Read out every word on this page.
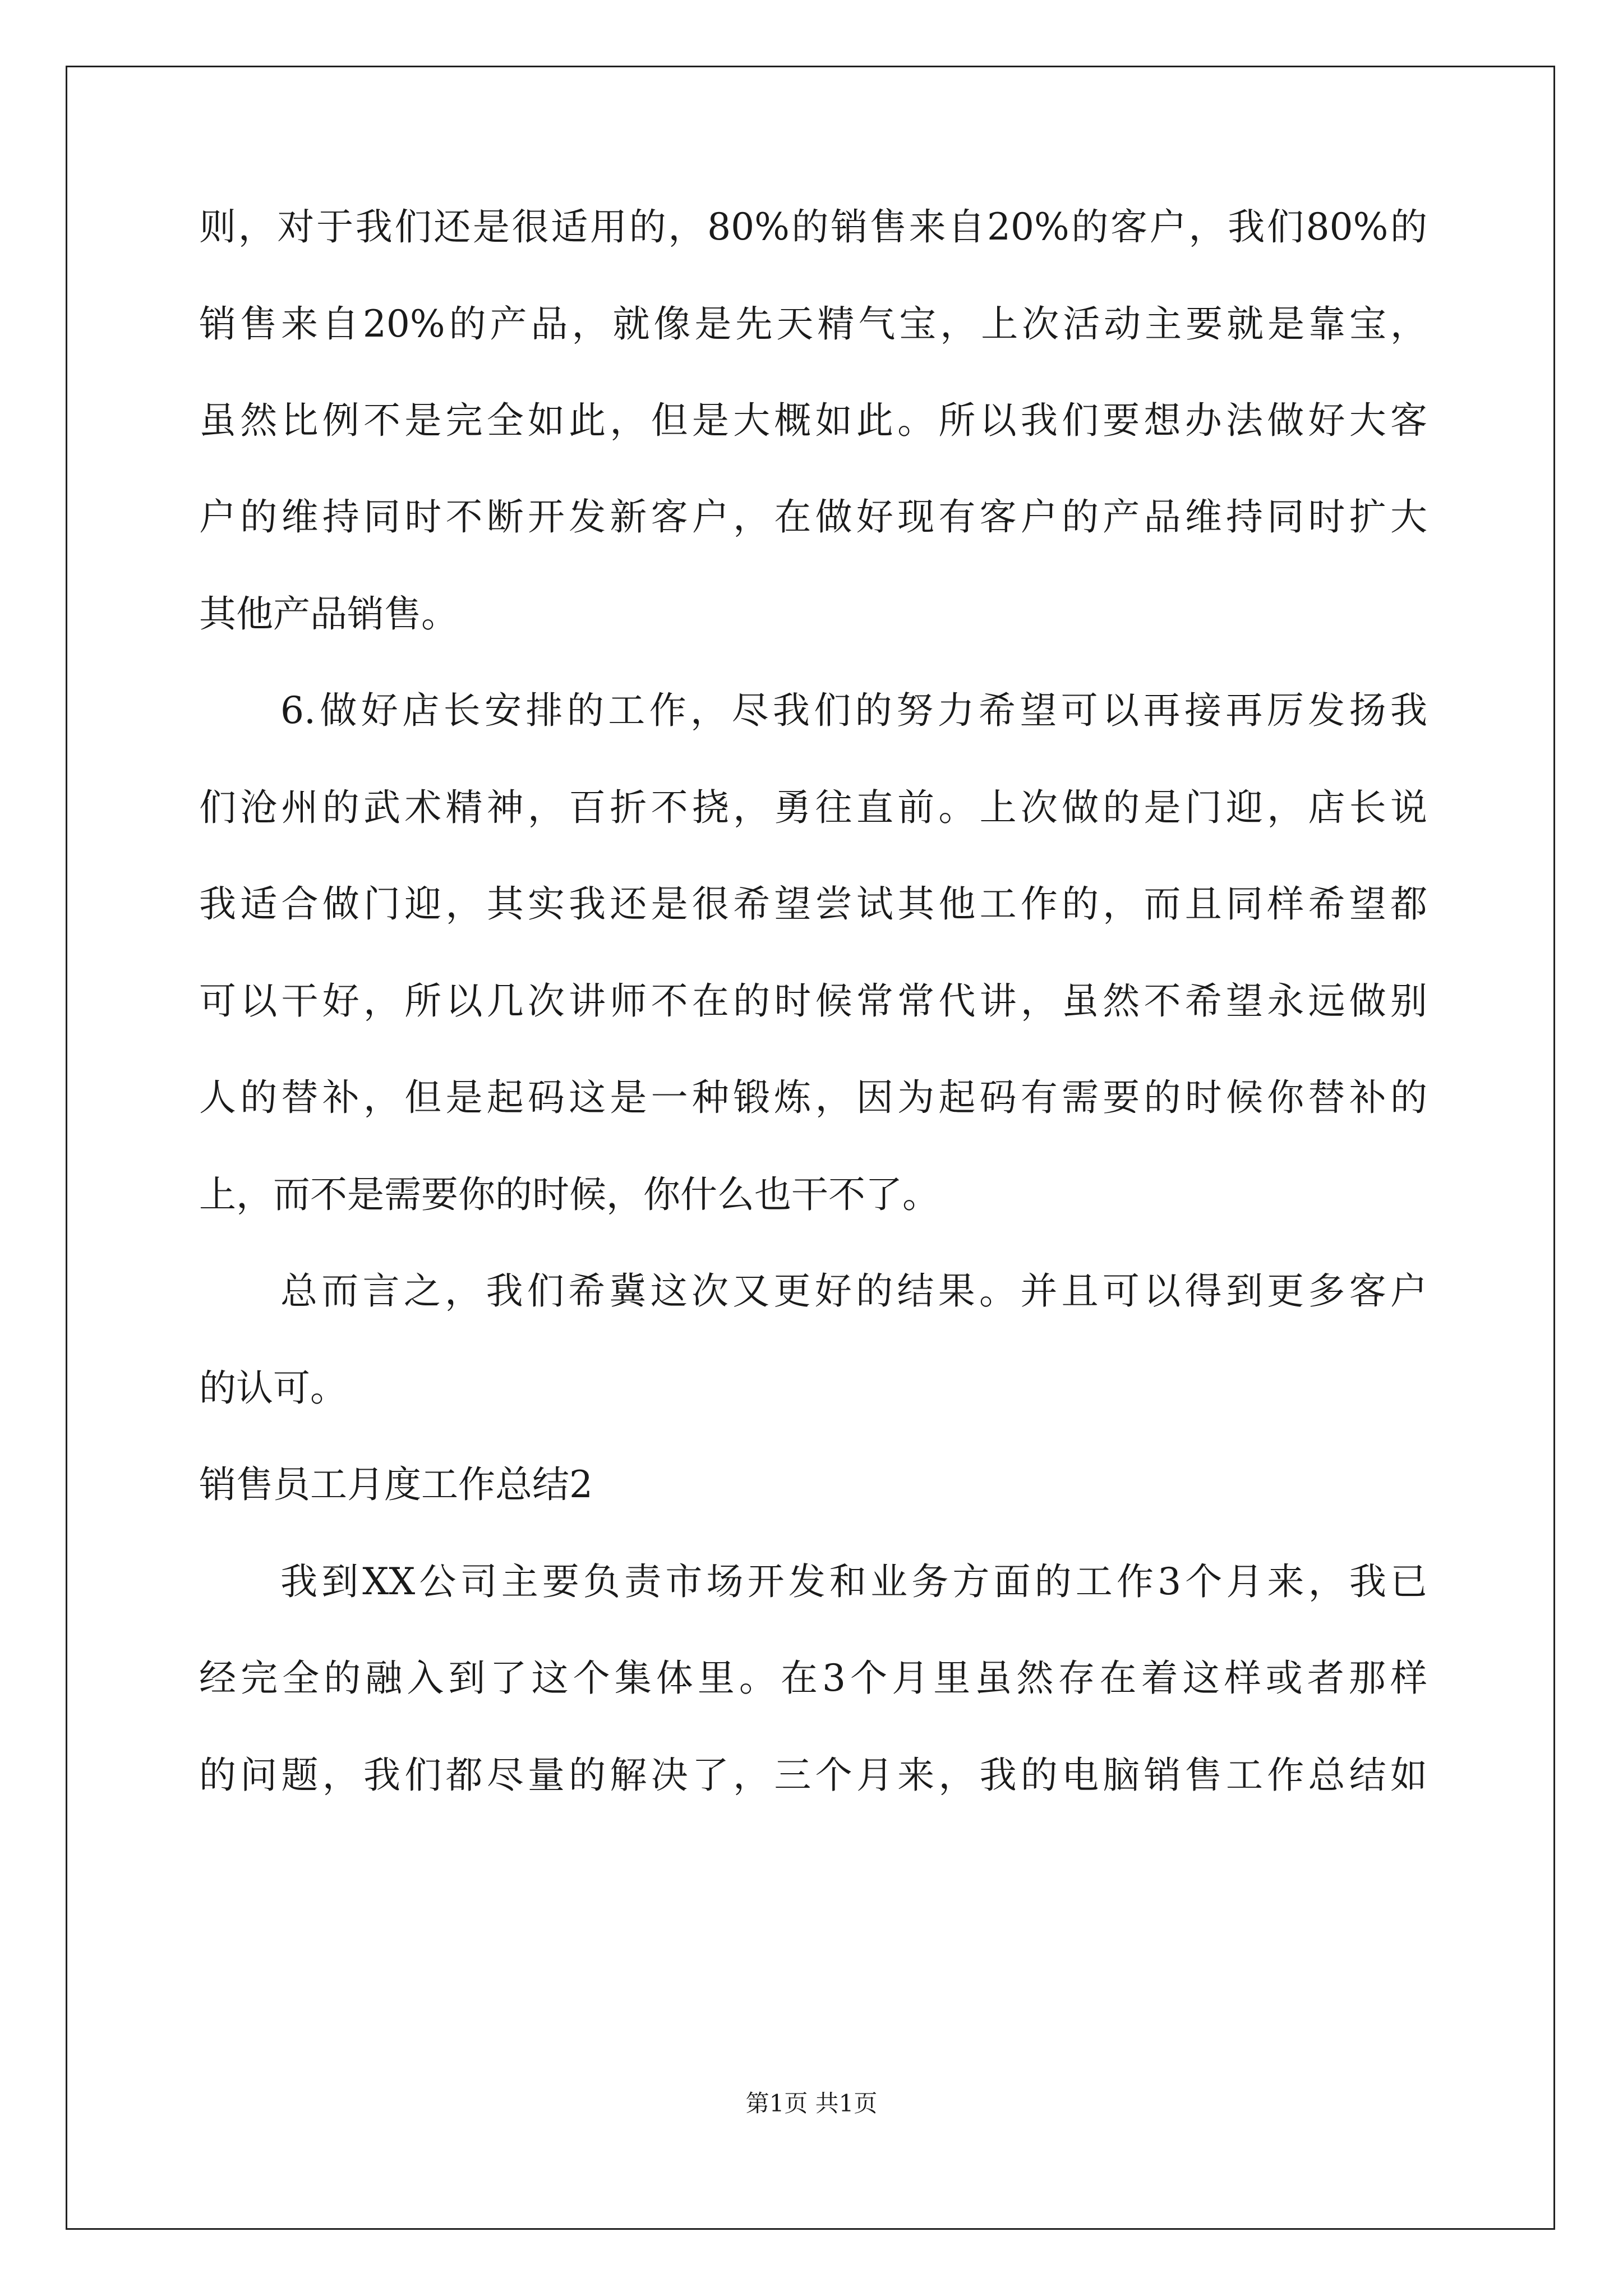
则，对于我们还是很适用的，80%的销售来自20%的客户，我们80%的
销售来自20%的产品，就像是先天精气宝，上次活动主要就是靠宝，
虽然比例不是完全如此，但是大概如此。所以我们要想办法做好大客
户的维持同时不断开发新客户，在做好现有客户的产品维持同时扩大
其他产品销售。
6.做好店长安排的工作，尽我们的努力希望可以再接再厉发扬我
们沧州的武术精神，百折不挠，勇往直前。上次做的是门迎，店长说
我适合做门迎，其实我还是很希望尝试其他工作的，而且同样希望都
可以干好，所以几次讲师不在的时候常常代讲，虽然不希望永远做别
人的替补，但是起码这是一种锻炼，因为起码有需要的时候你替补的
上，而不是需要你的时候，你什么也干不了。
总而言之，我们希冀这次又更好的结果。并且可以得到更多客户
的认可。
销售员工月度工作总结2
我到XX公司主要负责市场开发和业务方面的工作3个月来，我已
经完全的融入到了这个集体里。在3个月里虽然存在着这样或者那样
的问题，我们都尽量的解决了，三个月来，我的电脑销售工作总结如
第1页 共1页
